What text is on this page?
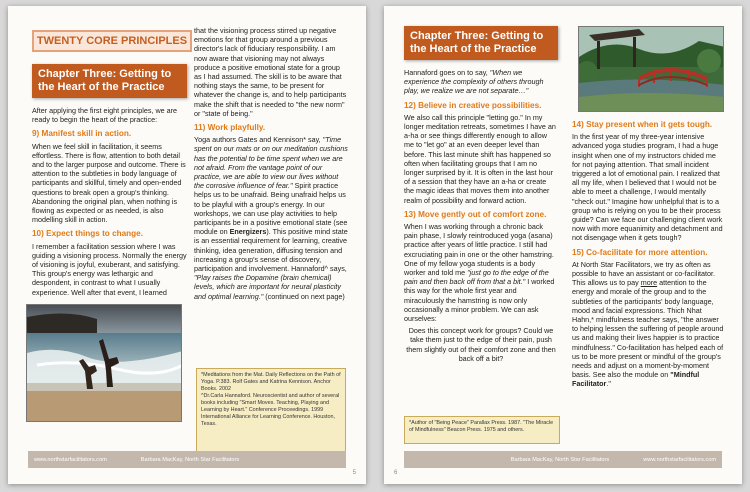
TWENTY CORE PRINCIPLES
Chapter Three: Getting to the Heart of the Practice

After applying the first eight principles, we are ready to begin the heart of the practice:

9) Manifest skill in action.

When we feel skill in facilitation, it seems effortless. There is flow, attention to both detail and to the larger purpose and outcome. There is attention to the subtleties in body language of participants and skillful, timely and open-ended questions to break open a group's thinking. Abandoning the original plan, when nothing is flowing as expected or as needed, is also modelling skill in action.

10) Expect things to change.

I remember a facilitation session where I was guiding a visioning process. Normally the energy of visioning is joyful, exuberant, and satisfying. This group's energy was lethargic and despondent, in contrast to what I usually experience. Well after that event, I learned

that the visioning process stirred up negative emotions for that group around a previous director's lack of fiduciary responsibility. I am now aware that visioning may not always produce a positive emotional state for a group as I had assumed. The skill is to be aware that nothing stays the same, to be present for whatever the change is, and to help participants make the shift that is needed to "the new norm" or "state of being."

11) Work playfully.

Yoga authors Gates and Kennison* say, "Time spent on our mats or on our meditation cushions has the potential to be time spent when we are not afraid. From the vantage point of our practice, we are able to view our lives without the corrosive influence of fear." Spirit practice helps us to be unafraid. Being unafraid helps us to be playful with a group's energy. In our workshops, we can use play activities to help participants be in a positive emotional state (see module on Energizers). This positive mind state is an essential requirement for learning, creative thinking, idea generation, diffusing tension and increasing a group's sense of discovery, participation and involvement. Hannaford^ says, "Play raises the Dopamine (brain chemical) levels, which are important for neural plasticity and optimal learning." (continued on next page)

*Meditations from the Mat. Daily Reflections on the Path of Yoga. P.383. Rolf Gates and Katrina Kennison. Anchor Books. 2002
^Dr.Carla Hannaford. Neuroscientist and author of several books including "Smart Moves. Teaching, Playing and Learning by Heart." Conference Proceedings. 1999 International Alliance for Learning Conference. Houston, Texas.
www.northstarfacilitators.com	Barbara MacKay, North Star Facilitators
5
Chapter Three: Getting to the Heart of the Practice

Hannaford goes on to say, "When we experience the complexity of others through play, we realize we are not separate…"

12) Believe in creative possibilities.

We also call this principle "letting go." In my longer meditation retreats, sometimes I have an a-ha or see things differently enough to allow me to "let go" at an even deeper level than before. This last minute shift has happened so often when facilitating groups that I am no longer surprised by it. It is often in the last hour of a session that they have an a-ha or create the magic ideas that moves them into another realm of possibility and forward action.

13) Move gently out of comfort zone.

When I was working through a chronic back pain phase, I slowly reintroduced yoga (asana) practice after years of little practice. I still had excruciating pain in one or the other hamstring. One of my fellow yoga students is a body worker and told me "just go to the edge of the pain and then back off from that a bit." I worked this way for the whole first year and miraculously the hamstring is now only occasionally a minor problem. We can ask ourselves:

Does this concept work for groups? Could we take them just to the edge of their pain, push them slightly out of their comfort zone and then back off a bit?

14) Stay present when it gets tough.

In the first year of my three-year intensive advanced yoga studies program, I had a huge insight when one of my instructors chided me for not paying attention. That small incident triggered a lot of emotional pain. I realized that all my life, when I believed that I would not be able to meet a challenge, I would mentally "check out." Imagine how unhelpful that is to a group who is relying on you to be their process guide? Can we face our challenging client work now with more equanimity and detachment and not disengage when it gets tough?

15) Co-facilitate for more attention.

At North Star Facilitators, we try as often as possible to have an assistant or co-facilitator. This allows us to pay more attention to the energy and morale of the group and to the subtleties of the participants' body language, mood and facial expressions. Thich Nhat Hahn,* mindfulness teacher says, "the answer to helping lessen the suffering of people around us and making their lives happier is to practice mindfulness." Co-facilitation has helped each of us to be more present or mindful of the group's needs and adjust on a moment-by-moment basis. See also the module on "Mindful Facilitator."

*Author of "Being Peace" Parallax Press. 1987. "The Miracle of Mindfulness" Beacon Press. 1975 and others.
Barbara MacKay, North Star Facilitators	www.northstarfacilitators.com
6
